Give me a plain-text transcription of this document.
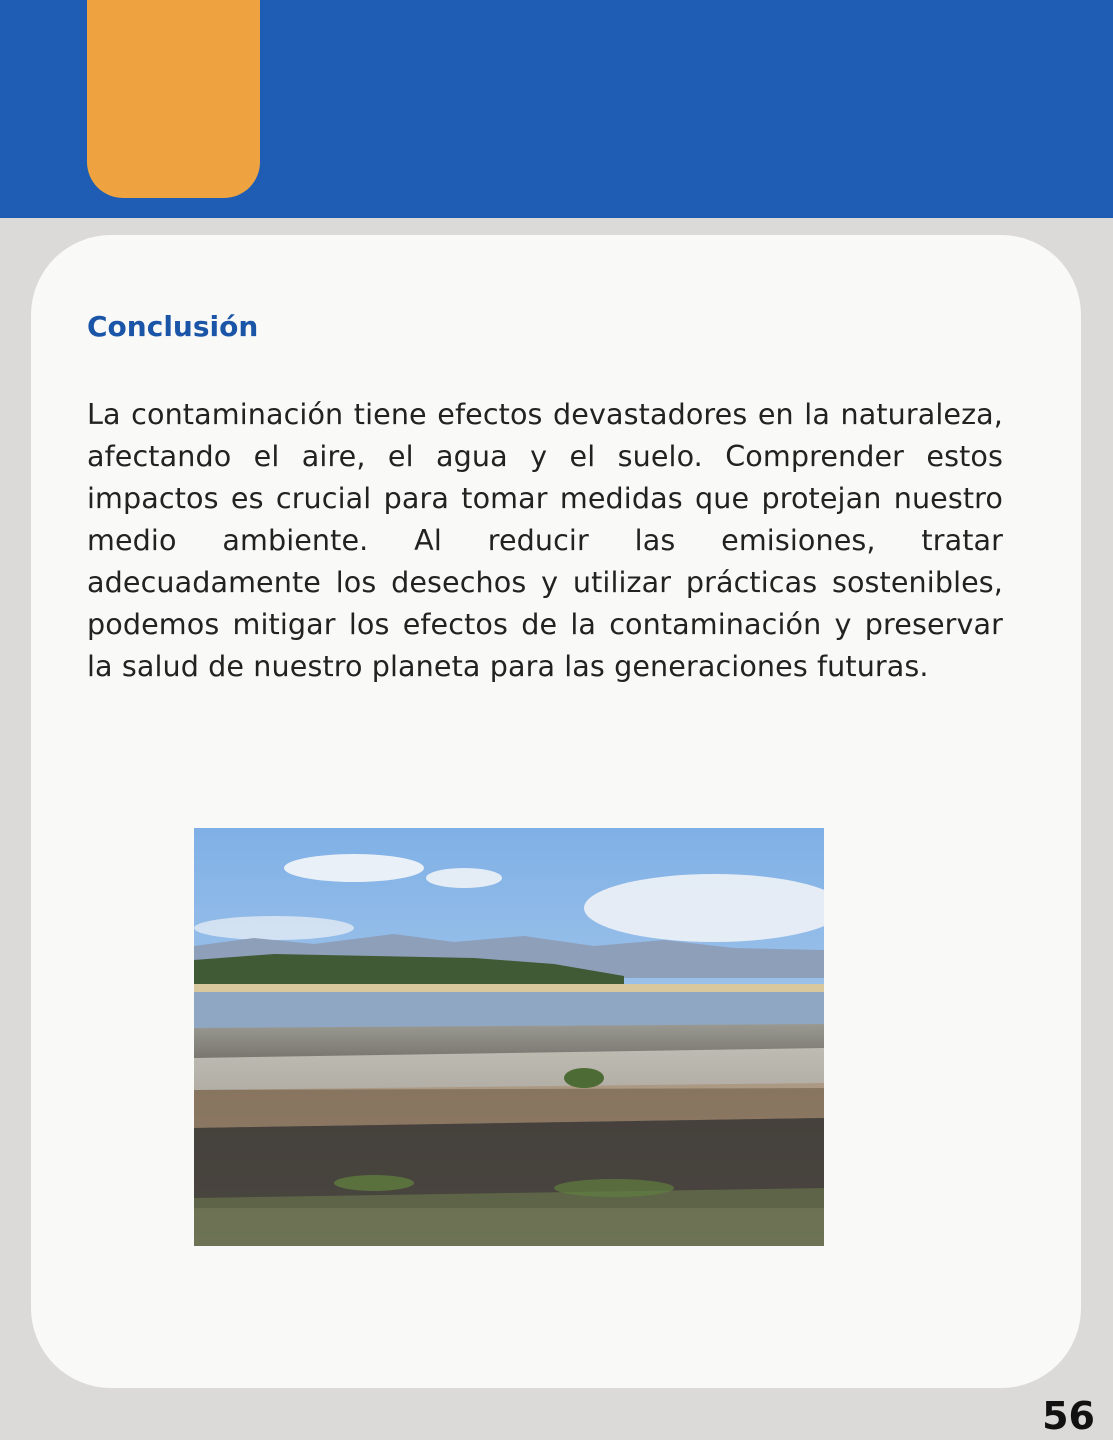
Conclusión

La contaminación tiene efectos devastadores en la naturaleza, afectando el aire, el agua y el suelo. Comprender estos impactos es crucial para tomar medidas que protejan nuestro medio ambiente. Al reducir las emisiones, tratar adecuadamente los desechos y utilizar prácticas sostenibles, podemos mitigar los efectos de la contaminación y preservar la salud de nuestro planeta para las generaciones futuras.

56
